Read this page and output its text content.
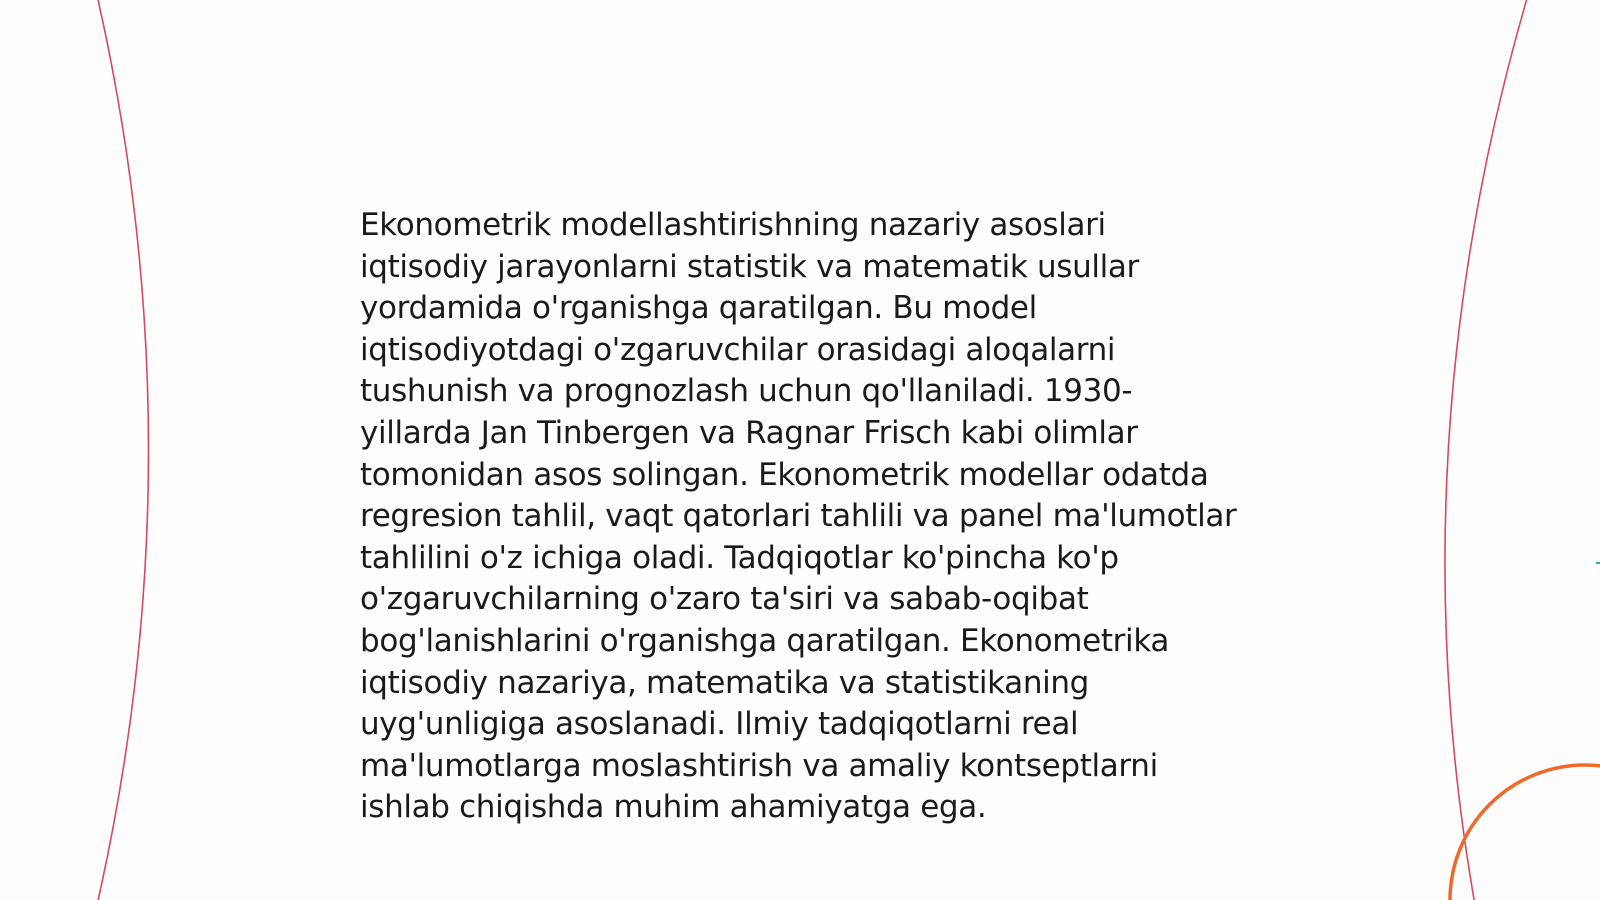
Ekonometrik modellashtirishning nazariy asoslari iqtisodiy jarayonlarni statistik va matematik usullar yordamida o'rganishga qaratilgan. Bu model iqtisodiyotdagi o'zgaruvchilar orasidagi aloqalarni tushunish va prognozlash uchun qo'llaniladi. 1930-yillarda Jan Tinbergen va Ragnar Frisch kabi olimlar tomonidan asos solingan. Ekonometrik modellar odatda regresion tahlil, vaqt qatorlari tahlili va panel ma'lumotlar tahlilini o'z ichiga oladi. Tadqiqotlar ko'pincha ko'p o'zgaruvchilarning o'zaro ta'siri va sabab-oqibat bog'lanishlarini o'rganishga qaratilgan. Ekonometrika iqtisodiy nazariya, matematika va statistikaning uyg'unligiga asoslanadi. Ilmiy tadqiqotlarni real ma'lumotlarga moslashtirish va amaliy kontseptlarni ishlab chiqishda muhim ahamiyatga ega.
